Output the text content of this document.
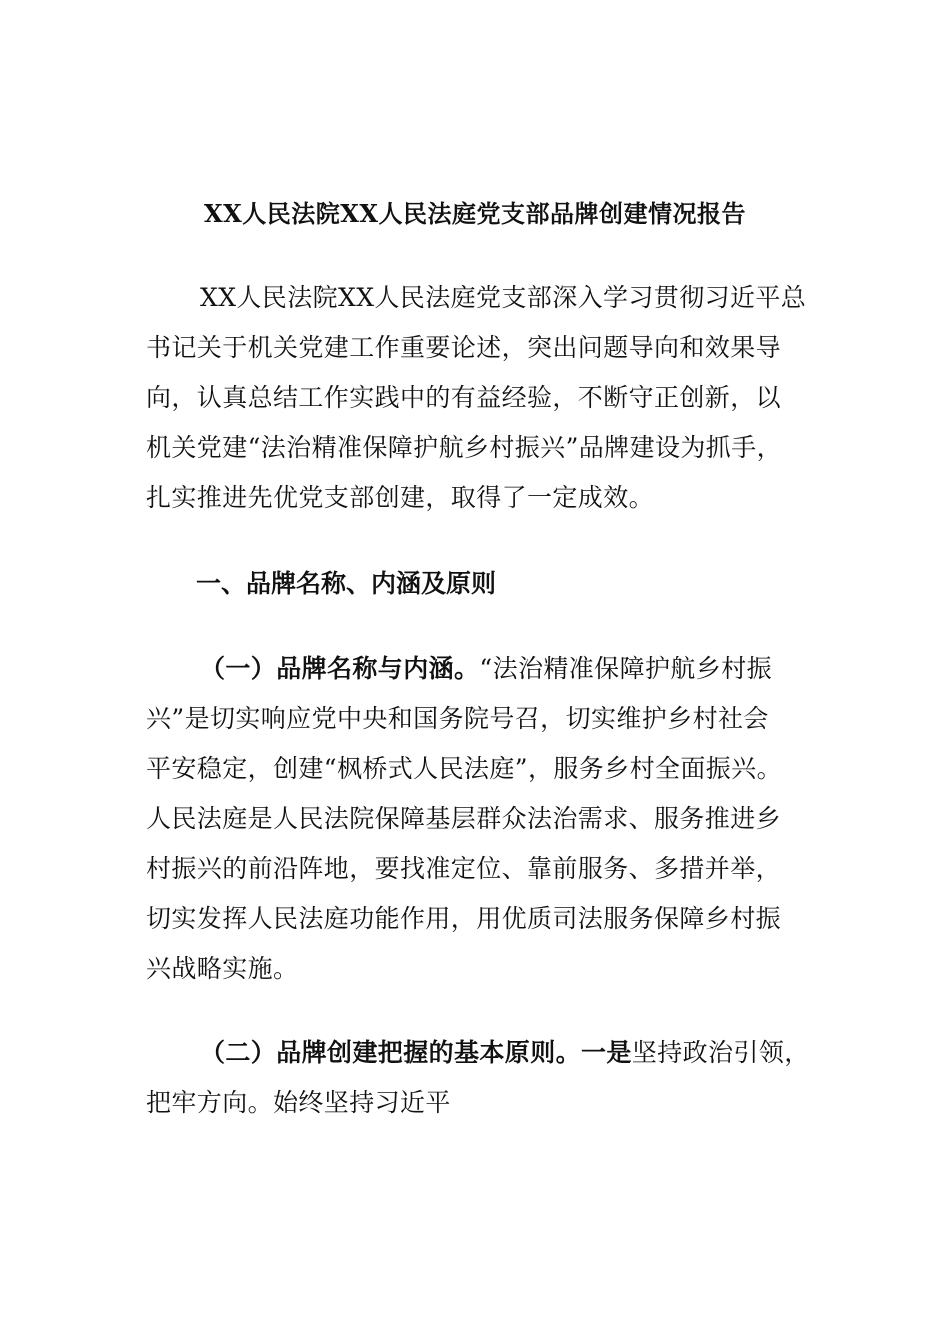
XX人民法院XX人民法庭党支部品牌创建情况报告
XX人民法院XX人民法庭党支部深入学习贯彻习近平总
书记关于机关党建工作重要论述，突出问题导向和效果导
向，认真总结工作实践中的有益经验，不断守正创新，以
机关党建“法治精准保障护航乡村振兴”品牌建设为抓手，
扎实推进先优党支部创建，取得了一定成效。
一、品牌名称、内涵及原则
（一）品牌名称与内涵。“法治精准保障护航乡村振
兴”是切实响应党中央和国务院号召，切实维护乡村社会
平安稳定，创建“枫桥式人民法庭”，服务乡村全面振兴。
人民法庭是人民法院保障基层群众法治需求、服务推进乡
村振兴的前沿阵地，要找准定位、靠前服务、多措并举，
切实发挥人民法庭功能作用，用优质司法服务保障乡村振
兴战略实施。
（二）品牌创建把握的基本原则。一是坚持政治引领，
把牢方向。始终坚持习近平
